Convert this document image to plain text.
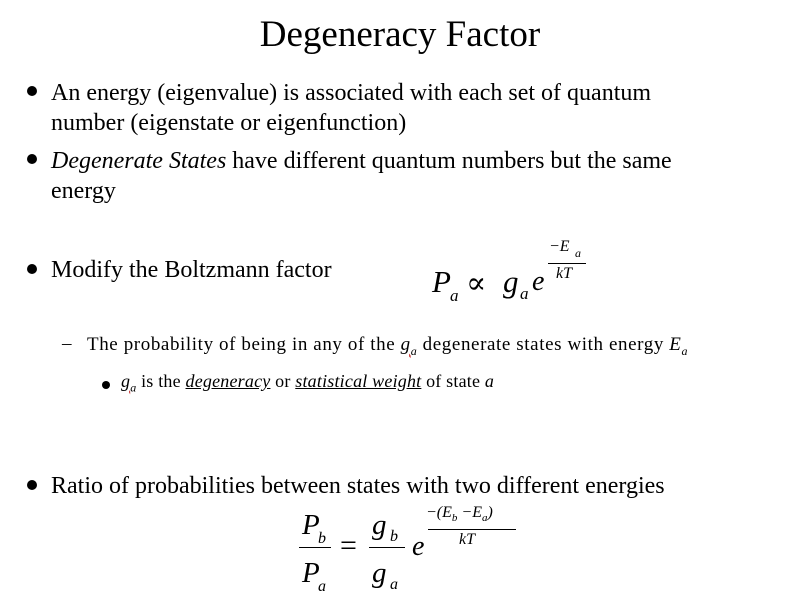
Degeneracy Factor
An energy (eigenvalue) is associated with each set of quantum
number (eigenstate or eigenfunction)
Degenerate States have different quantum numbers but the same
energy
Modify the Boltzmann factor	P a ∝ g a e
−E a
kT
– The probability of being in any of the $g_a$ degenerate states with energy $E_a$
$g_a$ is the degeneracy or statistical weight of state a
Ratio of probabilities between states with two different energies
P
b
P
a
=
g b
g a
e
$-(E_b -E_a)$
kT
